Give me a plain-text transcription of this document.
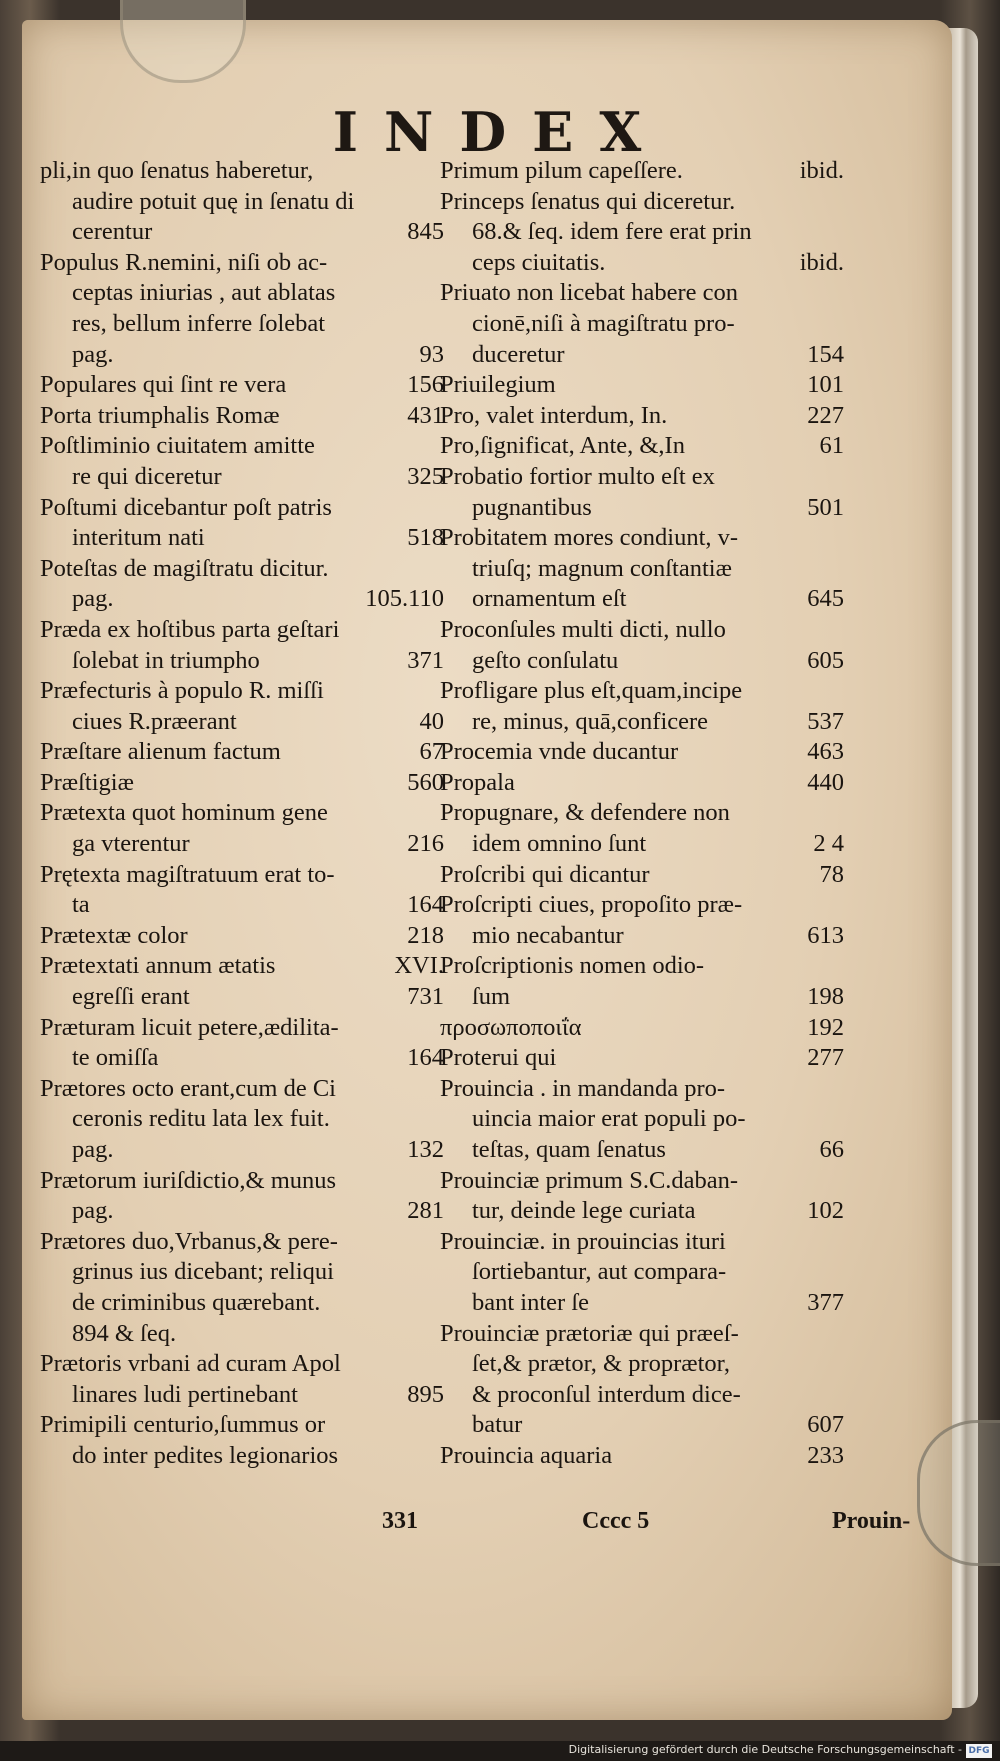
INDEX
pli,in quo ſenatus haberetur,
audire potuit quę in ſenatu di
cerentur	845
Populus R.nemini, niſi ob ac-
ceptas iniurias , aut ablatas
res, bellum inferre ſolebat
pag.	93
Populares qui ſint re vera	156
Porta triumphalis Romæ	431
Poſtliminio ciuitatem amitte
re qui diceretur	325
Poſtumi dicebantur poſt patris
interitum nati	518
Poteſtas de magiſtratu dicitur.
pag.	105.110
Præda ex hoſtibus parta geſtari
ſolebat in triumpho	371
Præfecturis à populo R. miſſi
ciues R.præerant	40
Præſtare alienum factum	67
Præſtigiæ	560
Prætexta quot hominum gene
ga vterentur	216
Prętexta magiſtratuum erat to-
ta	164
Prætextæ color	218
Prætextati annum ætatis	XVI.
egreſſi erant	731
Præturam licuit petere,ædilita-
te omiſſa	164
Prætores octo erant,cum de Ci
ceronis reditu lata lex fuit.
pag.	132
Prætorum iuriſdictio,& munus
pag.	281
Prætores duo,Vrbanus,& pere-
grinus ius dicebant; reliqui
de criminibus quærebant.
894 & ſeq.
Prætoris vrbani ad curam Apol
linares ludi pertinebant	895
Primipili centurio,ſummus or
do inter pedites legionarios
Primum pilum capeſſere.	ibid.
Princeps ſenatus qui diceretur.
68.& ſeq. idem fere erat prin
ceps ciuitatis.	ibid.
Priuato non licebat habere con
cionē,niſi à magiſtratu pro-
duceretur	154
Priuilegium	101
Pro, valet interdum, In.	227
Pro,ſignificat, Ante, &,In	61
Probatio fortior multo eſt ex
pugnantibus	501
Probitatem mores condiunt, v-
triuſq; magnum conſtantiæ
ornamentum eſt	645
Proconſules multi dicti, nullo
geſto conſulatu	605
Profligare plus eſt,quam,incipe
re, minus, quā,conficere	537
Procemia vnde ducantur	463
Propala	440
Propugnare, & defendere non
idem omnino ſunt	2 4
Proſcribi qui dicantur	78
Proſcripti ciues, propoſito præ-
mio necabantur	613
Proſcriptionis nomen odio-
ſum	198
προσωποποιΐα	192
Proterui qui	277
Prouincia . in mandanda pro-
uincia maior erat populi po-
teſtas, quam ſenatus	66
Prouinciæ primum S.C.daban-
tur, deinde lege curiata	102
Prouinciæ. in prouincias ituri
ſortiebantur, aut compara-
bant inter ſe	377
Prouinciæ prætoriæ qui præeſ-
ſet,& prætor, & proprætor,
& proconſul interdum dice-
batur	607
Prouincia aquaria	233
331	Cccc 5	Prouin-
Digitalisierung gefördert durch die Deutsche Forschungsgemeinschaft - DFG
